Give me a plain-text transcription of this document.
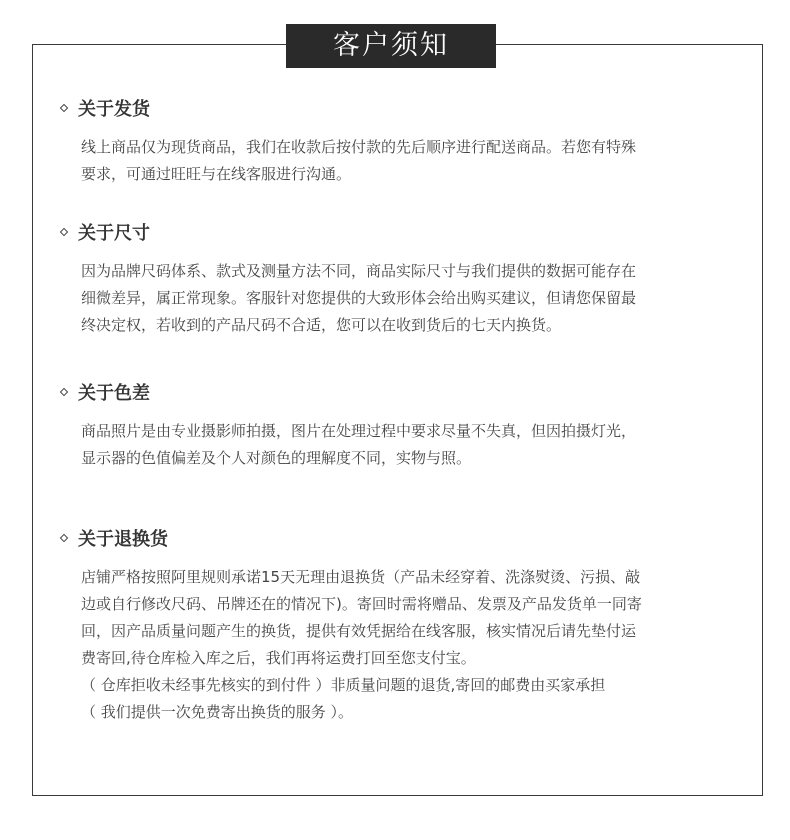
客户须知
关于发货

线上商品仅为现货商品，我们在收款后按付款的先后顺序进行配送商品。若您有特殊

要求，可通过旺旺与在线客服进行沟通。

关于尺寸

因为品牌尺码体系、款式及测量方法不同，商品实际尺寸与我们提供的数据可能存在

细微差异，属正常现象。客服针对您提供的大致形体会给出购买建议，但请您保留最

终决定权，若收到的产品尺码不合适，您可以在收到货后的七天内换货。

关于色差

商品照片是由专业摄影师拍摄，图片在处理过程中要求尽量不失真，但因拍摄灯光，

显示器的色值偏差及个人对颜色的理解度不同，实物与照。

关于退换货

店铺严格按照阿里规则承诺15天无理由退换货（产品未经穿着、洗涤熨烫、污损、敲

边或自行修改尺码、吊牌还在的情况下)。寄回时需将赠品、发票及产品发货单一同寄

回，因产品质量问题产生的换货，提供有效凭据给在线客服，核实情况后请先垫付运

费寄回,待仓库检入库之后，我们再将运费打回至您支付宝。

（ 仓库拒收未经事先核实的到付件 ）非质量问题的退货,寄回的邮费由买家承担

（ 我们提供一次免费寄出换货的服务 ）。
